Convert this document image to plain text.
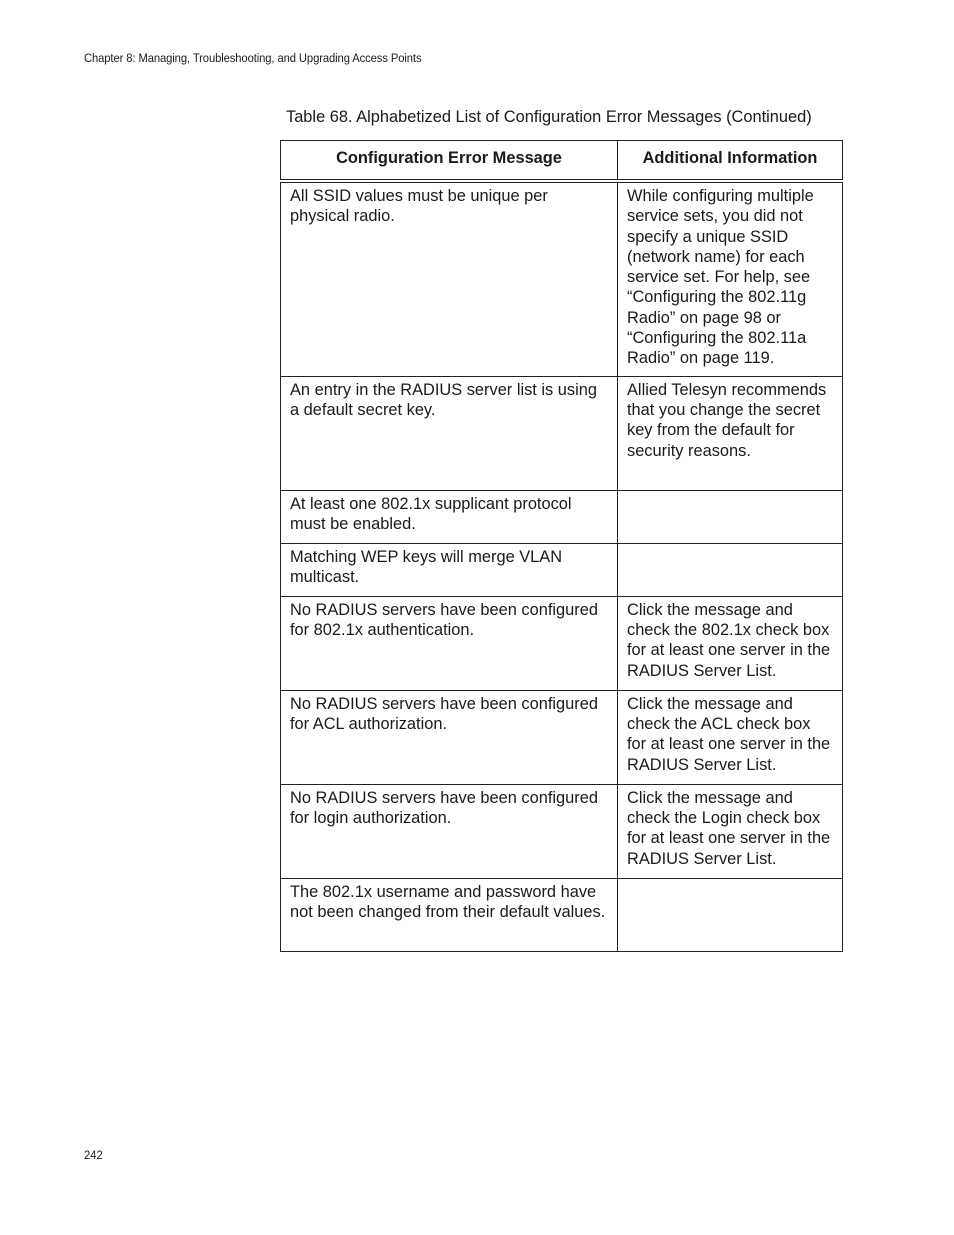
Chapter 8: Managing, Troubleshooting, and Upgrading Access Points
Table 68. Alphabetized List of Configuration Error Messages (Continued)
Configuration Error Message	Additional Information
All SSID values must be unique per physical radio.	While configuring multiple service sets, you did not specify a unique SSID (network name) for each service set. For help, see “Configuring the 802.11g Radio” on page 98 or “Configuring the 802.11a Radio” on page 119.
An entry in the RADIUS server list is using a default secret key.	Allied Telesyn recommends that you change the secret key from the default for security reasons.
At least one 802.1x supplicant protocol must be enabled.	
Matching WEP keys will merge VLAN multicast.	
No RADIUS servers have been configured for 802.1x authentication.	Click the message and check the 802.1x check box for at least one server in the RADIUS Server List.
No RADIUS servers have been configured for ACL authorization.	Click the message and check the ACL check box for at least one server in the RADIUS Server List.
No RADIUS servers have been configured for login authorization.	Click the message and check the Login check box for at least one server in the RADIUS Server List.
The 802.1x username and password have not been changed from their default values.	
242
